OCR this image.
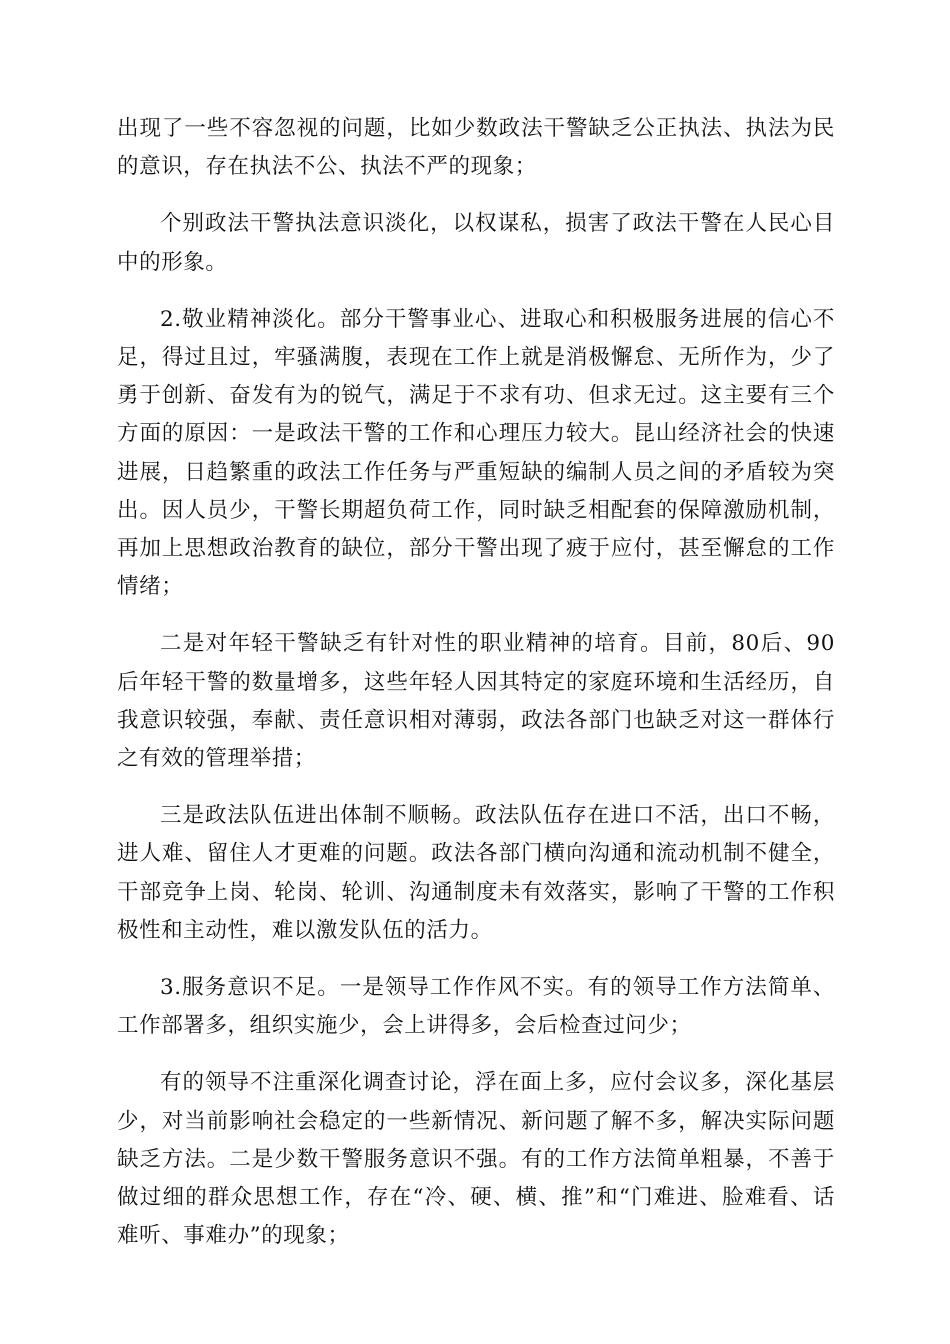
出现了一些不容忽视的问题，比如少数政法干警缺乏公正执法、执法为民的意识，存在执法不公、执法不严的现象；

个别政法干警执法意识淡化，以权谋私，损害了政法干警在人民心目中的形象。

2.敬业精神淡化。部分干警事业心、进取心和积极服务进展的信心不足，得过且过，牢骚满腹，表现在工作上就是消极懈怠、无所作为，少了勇于创新、奋发有为的锐气，满足于不求有功、但求无过。这主要有三个方面的原因：一是政法干警的工作和心理压力较大。昆山经济社会的快速进展，日趋繁重的政法工作任务与严重短缺的编制人员之间的矛盾较为突出。因人员少，干警长期超负荷工作，同时缺乏相配套的保障激励机制，再加上思想政治教育的缺位，部分干警出现了疲于应付，甚至懈怠的工作情绪；

二是对年轻干警缺乏有针对性的职业精神的培育。目前，80后、90后年轻干警的数量增多，这些年轻人因其特定的家庭环境和生活经历，自我意识较强，奉献、责任意识相对薄弱，政法各部门也缺乏对这一群体行之有效的管理举措；

三是政法队伍进出体制不顺畅。政法队伍存在进口不活，出口不畅，进人难、留住人才更难的问题。政法各部门横向沟通和流动机制不健全，干部竞争上岗、轮岗、轮训、沟通制度未有效落实，影响了干警的工作积极性和主动性，难以激发队伍的活力。

3.服务意识不足。一是领导工作作风不实。有的领导工作方法简单、工作部署多，组织实施少，会上讲得多，会后检查过问少；

有的领导不注重深化调查讨论，浮在面上多，应付会议多，深化基层少，对当前影响社会稳定的一些新情况、新问题了解不多，解决实际问题缺乏方法。二是少数干警服务意识不强。有的工作方法简单粗暴，不善于做过细的群众思想工作，存在“冷、硬、横、推”和“门难进、脸难看、话难听、事难办”的现象；
